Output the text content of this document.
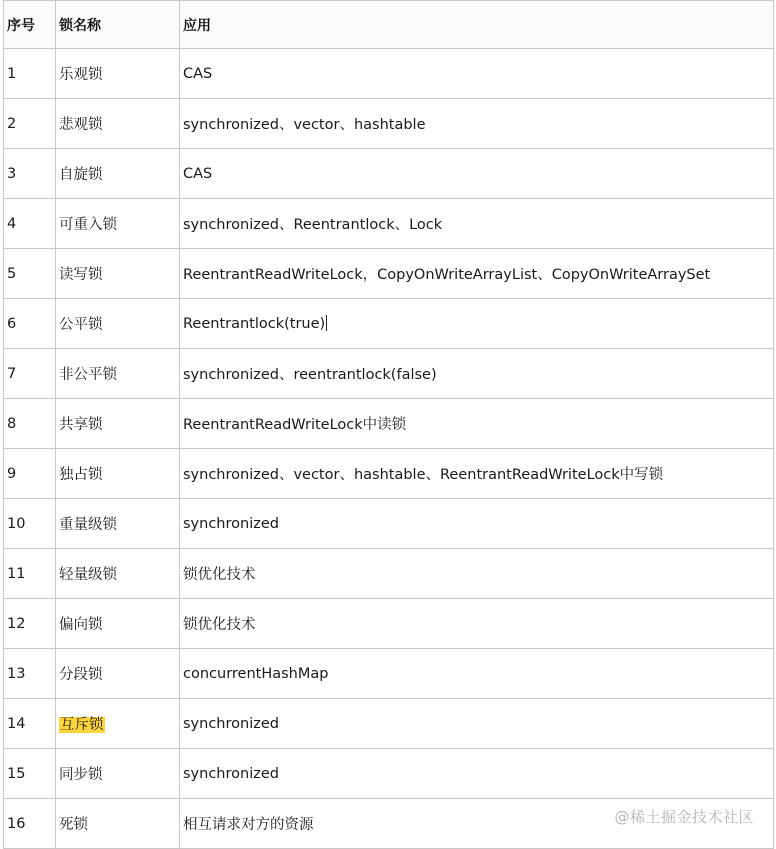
序号	锁名称	应用
1	乐观锁	CAS
2	悲观锁	synchronized、vector、hashtable
3	自旋锁	CAS
4	可重入锁	synchronized、Reentrantlock、Lock
5	读写锁	ReentrantReadWriteLock，CopyOnWriteArrayList、CopyOnWriteArraySet
6	公平锁	Reentrantlock(true)
7	非公平锁	synchronized、reentrantlock(false)
8	共享锁	ReentrantReadWriteLock中读锁
9	独占锁	synchronized、vector、hashtable、ReentrantReadWriteLock中写锁
10	重量级锁	synchronized
11	轻量级锁	锁优化技术
12	偏向锁	锁优化技术
13	分段锁	concurrentHashMap
14	互斥锁	synchronized
15	同步锁	synchronized
16	死锁	相互请求对方的资源	@稀土掘金技术社区
